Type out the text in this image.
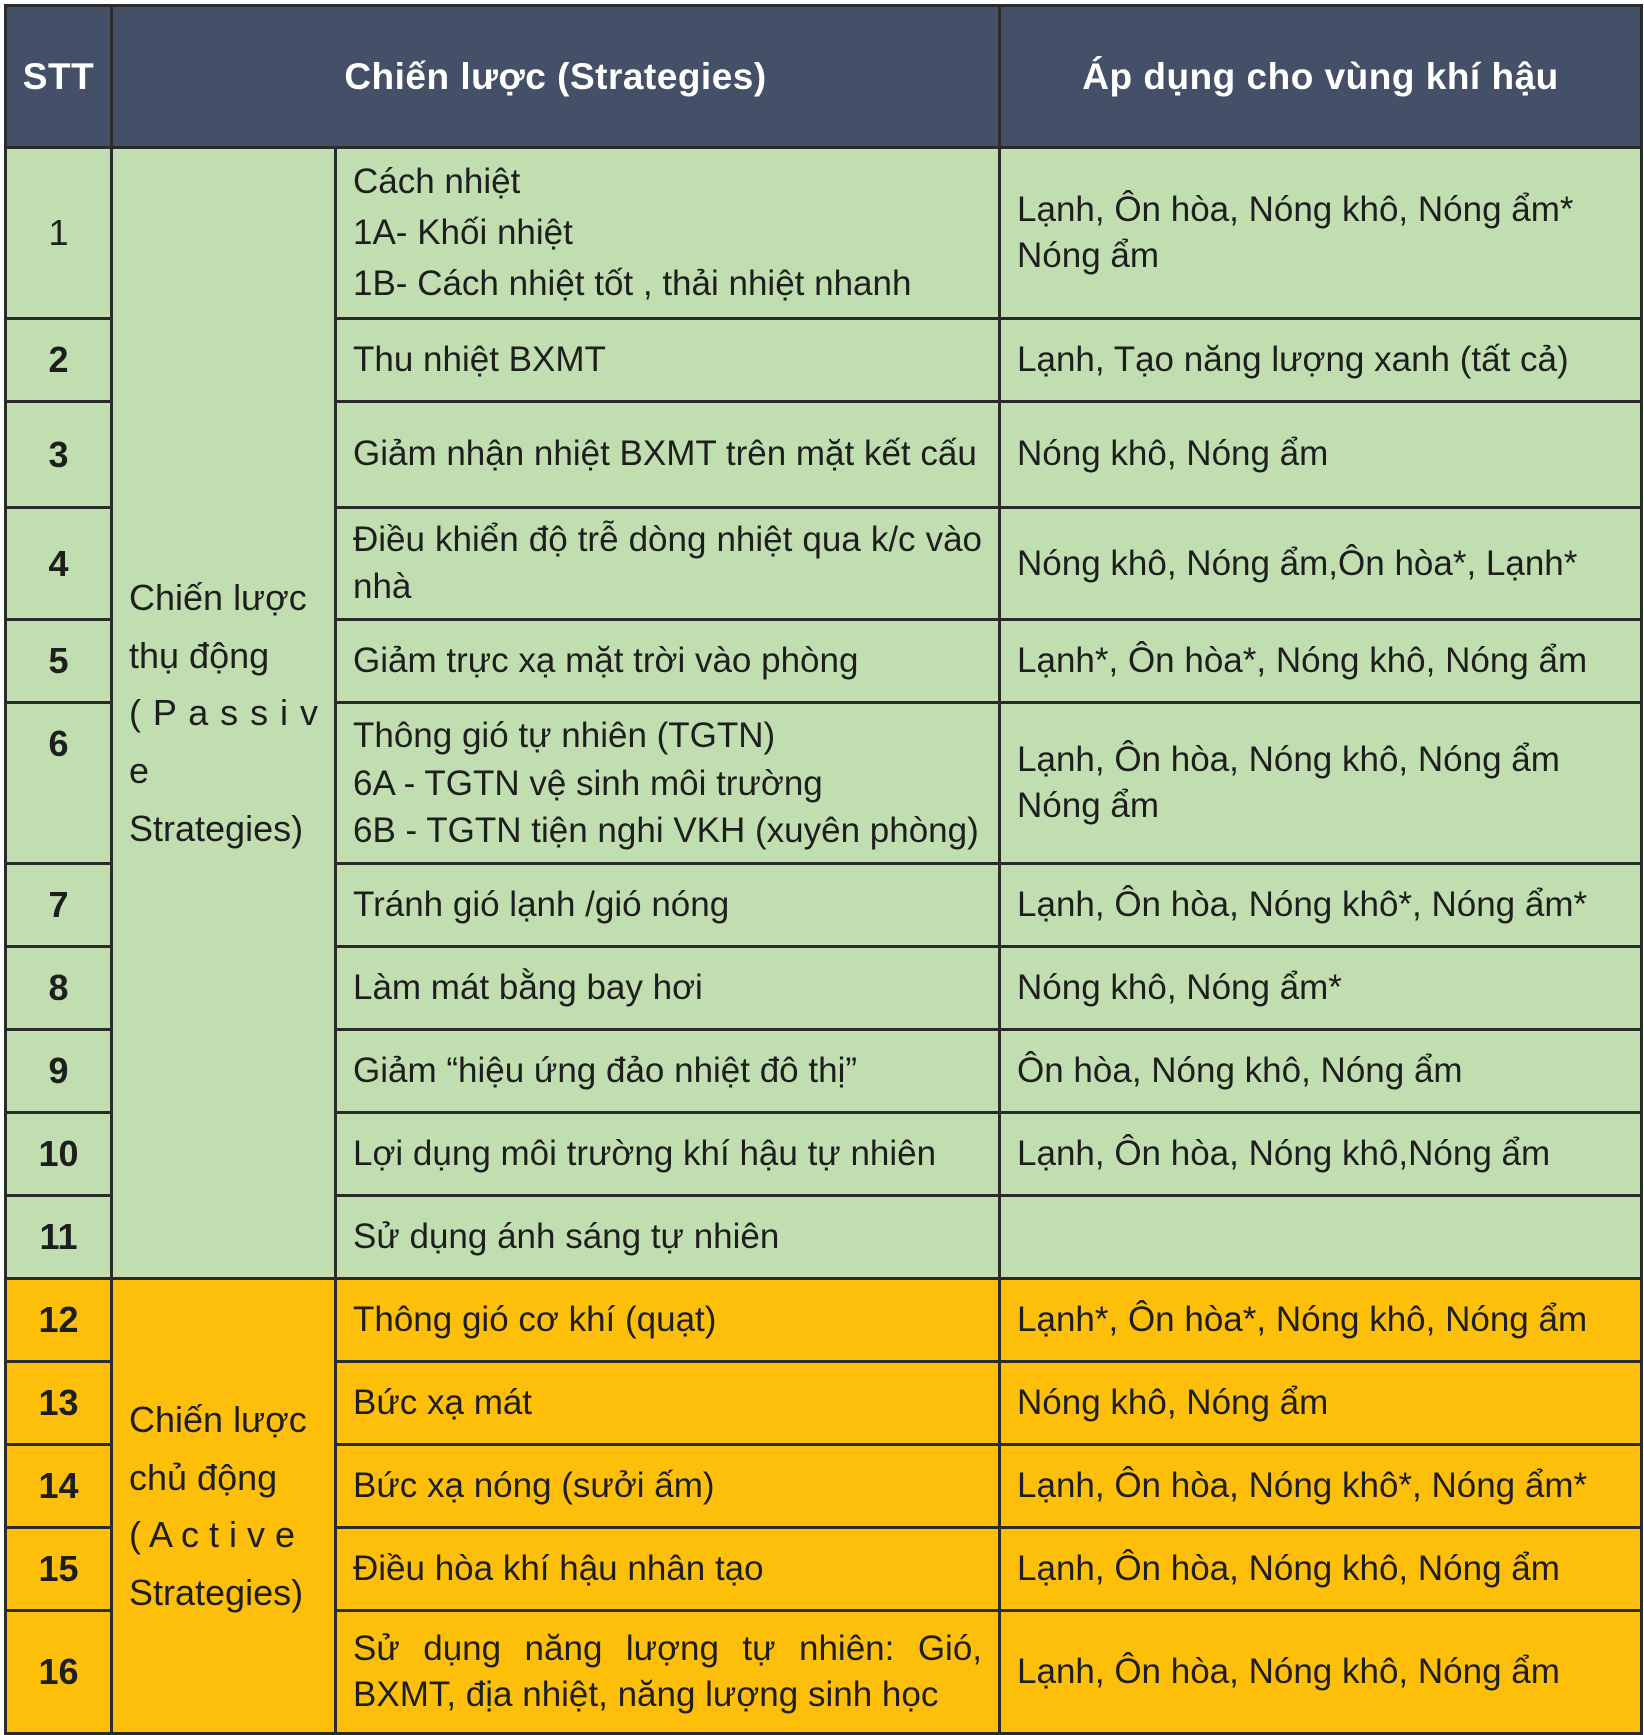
STT	Chiến lược (Strategies)		Áp dụng cho vùng khí hậu
1	Chiến lược
thụ động
( P a s s i v e
Strategies)	Cách nhiệt
1A- Khối nhiệt
1B- Cách nhiệt tốt , thải nhiệt nhanh	Lạnh, Ôn hòa, Nóng khô, Nóng ẩm*
Nóng ẩm

2		Thu nhiệt BXMT	Lạnh, Tạo năng lượng xanh (tất cả)
3		Giảm nhận nhiệt BXMT trên mặt kết cấu	Nóng khô, Nóng ẩm
4		Điều khiển độ trễ dòng nhiệt qua k/c vào nhà	Nóng khô, Nóng ẩm,Ôn hòa*, Lạnh*
5		Giảm trực xạ mặt trời vào phòng	Lạnh*, Ôn hòa*, Nóng khô, Nóng ẩm
6		Thông gió tự nhiên (TGTN)
6A - TGTN vệ sinh môi trường
6B - TGTN tiện nghi VKH (xuyên phòng)	Lạnh, Ôn hòa, Nóng khô, Nóng ẩm
Nóng ẩm

7		Tránh gió lạnh /gió nóng	Lạnh, Ôn hòa, Nóng khô*, Nóng ẩm*
8		Làm mát bằng bay hơi	Nóng khô, Nóng ẩm*
9		Giảm “hiệu ứng đảo nhiệt đô thị”	Ôn hòa, Nóng khô, Nóng ẩm
10		Lợi dụng môi trường khí hậu tự nhiên	Lạnh, Ôn hòa, Nóng khô,Nóng ẩm
11		Sử dụng ánh sáng tự nhiên	
12	Chiến lược
chủ động
( A c t i v e
Strategies)	Thông gió cơ khí (quạt)	Lạnh*, Ôn hòa*, Nóng khô, Nóng ẩm
13		Bức xạ mát	Nóng khô, Nóng ẩm
14		Bức xạ nóng (sưởi ấm)	Lạnh, Ôn hòa, Nóng khô*, Nóng ẩm*
15		Điều hòa khí hậu nhân tạo	Lạnh, Ôn hòa, Nóng khô, Nóng ẩm
16		Sử dụng năng lượng tự nhiên: Gió, BXMT, địa nhiệt, năng lượng sinh học	Lạnh, Ôn hòa, Nóng khô, Nóng ẩm
